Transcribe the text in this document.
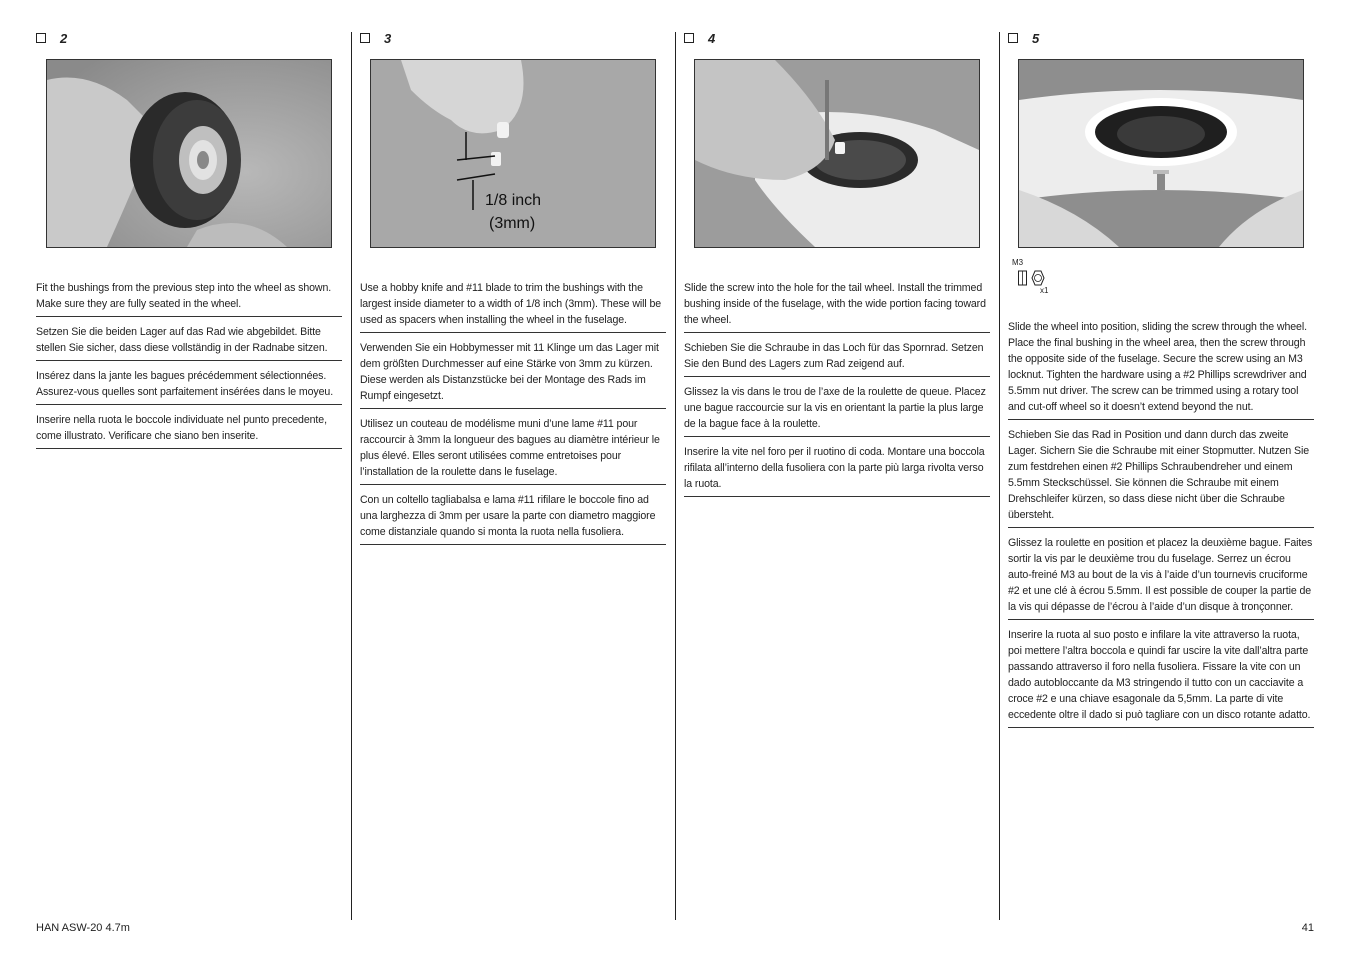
2
Fit the bushings from the previous step into the wheel as shown. Make sure they are fully seated in the wheel.
Setzen Sie die beiden Lager auf das Rad wie abgebildet. Bitte stellen Sie sicher, dass diese vollständig in der Radnabe sitzen.
Insérez dans la jante les bagues précédemment sélectionnées. Assurez-vous quelles sont parfaitement insérées dans le moyeu.
Inserire nella ruota le boccole individuate nel punto precedente, come illustrato. Verificare che siano ben inserite.
3
1/8 inch
(3mm)
Use a hobby knife and #11 blade to trim the bushings with the largest inside diameter to a width of 1/8 inch (3mm). These will be used as spacers when installing the wheel in the fuselage.
Verwenden Sie ein Hobbymesser mit 11 Klinge um das Lager mit dem größten Durchmesser auf eine Stärke von 3mm zu kürzen. Diese werden als Distanzstücke bei der Montage des Rads im Rumpf eingesetzt.
Utilisez un couteau de modélisme muni d’une lame #11 pour raccourcir à 3mm la longueur des bagues au diamètre intérieur le plus élevé. Elles seront utilisées comme entretoises pour l’installation de la roulette dans le fuselage.
Con un coltello tagliabalsa e lama #11 rifilare le boccole fino ad una larghezza di 3mm per usare la parte con diametro maggiore come distanziale quando si monta la ruota nella fusoliera.
4
Slide the screw into the hole for the tail wheel. Install the trimmed bushing inside of the fuselage, with the wide portion facing toward the wheel.
Schieben Sie die Schraube in das Loch für das Spornrad. Setzen Sie den Bund des Lagers zum Rad zeigend auf.
Glissez la vis dans le trou de l’axe de la roulette de queue. Placez une bague raccourcie sur la vis en orientant la partie la plus large de la bague face à la roulette.
Inserire la vite nel foro per il ruotino di coda. Montare una boccola rifilata all’interno della fusoliera con la parte più larga rivolta verso la ruota.
5
M3
x1
Slide the wheel into position, sliding the screw through the wheel. Place the final bushing in the wheel area, then the screw through the opposite side of the fuselage. Secure the screw using an M3 locknut. Tighten the hardware using a #2 Phillips screwdriver and 5.5mm nut driver. The screw can be trimmed using a rotary tool and cut-off wheel so it doesn’t extend beyond the nut.
Schieben Sie das Rad in Position und dann durch das zweite Lager. Sichern Sie die Schraube mit einer Stopmutter. Nutzen Sie zum festdrehen einen #2 Phillips Schraubendreher und einem 5.5mm Steckschüssel. Sie können die Schraube mit einem Drehschleifer kürzen, so dass diese nicht über die Schraube übersteht.
Glissez la roulette en position et placez la deuxième bague. Faites sortir la vis par le deuxième trou du fuselage. Serrez un écrou auto-freiné M3 au bout de la vis à l’aide d’un tournevis cruciforme #2 et une clé à écrou 5.5mm. Il est possible de couper la partie de la vis qui dépasse de l’écrou à l’aide d’un disque à tronçonner.
Inserire la ruota al suo posto e infilare la vite attraverso la ruota, poi mettere l’altra boccola e quindi far uscire la vite dall’altra parte passando attraverso il foro nella fusoliera. Fissare la vite con un dado autobloccante da M3 stringendo il tutto con un cacciavite a croce #2 e una chiave esagonale da 5,5mm. La parte di vite eccedente oltre il dado si può tagliare con un disco rotante adatto.
HAN ASW-20 4.7m	41
